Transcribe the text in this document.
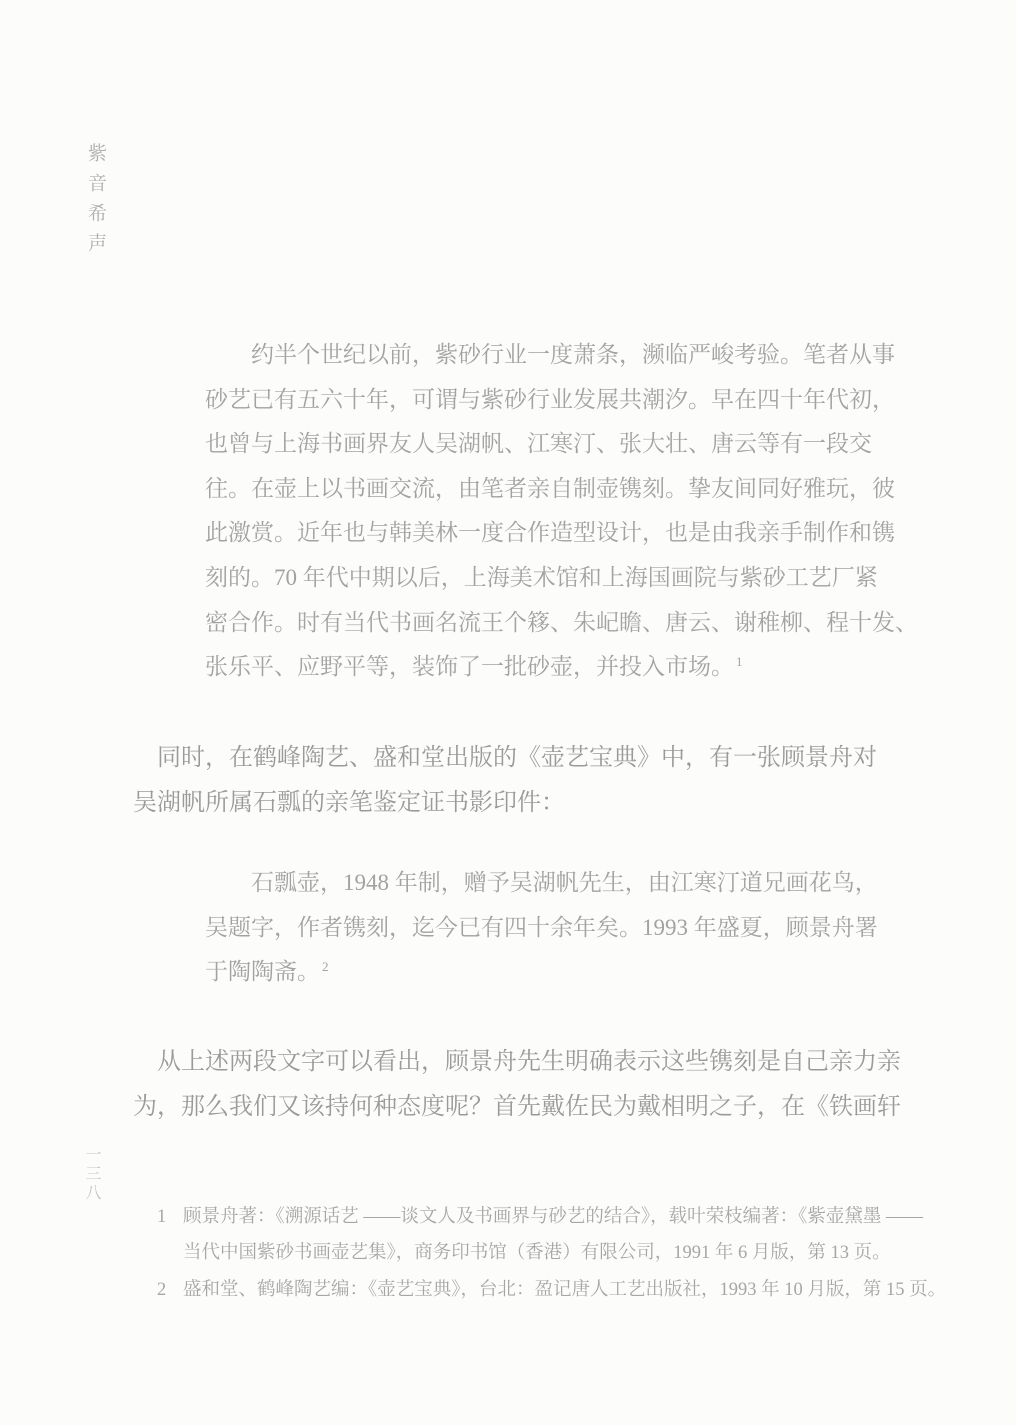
紫音希声
约半个世纪以前，紫砂行业一度萧条，濒临严峻考验。笔者从事
砂艺已有五六十年，可谓与紫砂行业发展共潮汐。早在四十年代初，
也曾与上海书画界友人吴湖帆、江寒汀、张大壮、唐云等有一段交
往。在壶上以书画交流，由笔者亲自制壶镌刻。挚友间同好雅玩，彼
此激赏。近年也与韩美林一度合作造型设计，也是由我亲手制作和镌
刻的。70 年代中期以后，上海美术馆和上海国画院与紫砂工艺厂紧
密合作。时有当代书画名流王个簃、朱屺瞻、唐云、谢稚柳、程十发、
张乐平、应野平等，装饰了一批砂壶，并投入市场。 $^1$
同时，在鹤峰陶艺、盛和堂出版的《壶艺宝典》中，有一张顾景舟对
吴湖帆所属石瓢的亲笔鉴定证书影印件：
石瓢壶，1948 年制，赠予吴湖帆先生，由江寒汀道兄画花鸟，
吴题字，作者镌刻，迄今已有四十余年矣。1993 年盛夏，顾景舟署
于陶陶斋。 $^2$
从上述两段文字可以看出，顾景舟先生明确表示这些镌刻是自己亲力亲
为，那么我们又该持何种态度呢？首先戴佐民为戴相明之子，在《铁画轩
一三八
1 顾景舟著：《溯源话艺 ——谈文人及书画界与砂艺的结合》，载叶荣枝编著：《紫壶黛墨 ——
当代中国紫砂书画壶艺集》，商务印书馆（香港）有限公司，1991 年 6 月版，第 13 页。
2 盛和堂、鹤峰陶艺编：《壶艺宝典》，台北：盈记唐人工艺出版社，1993 年 10 月版，第 15 页。
